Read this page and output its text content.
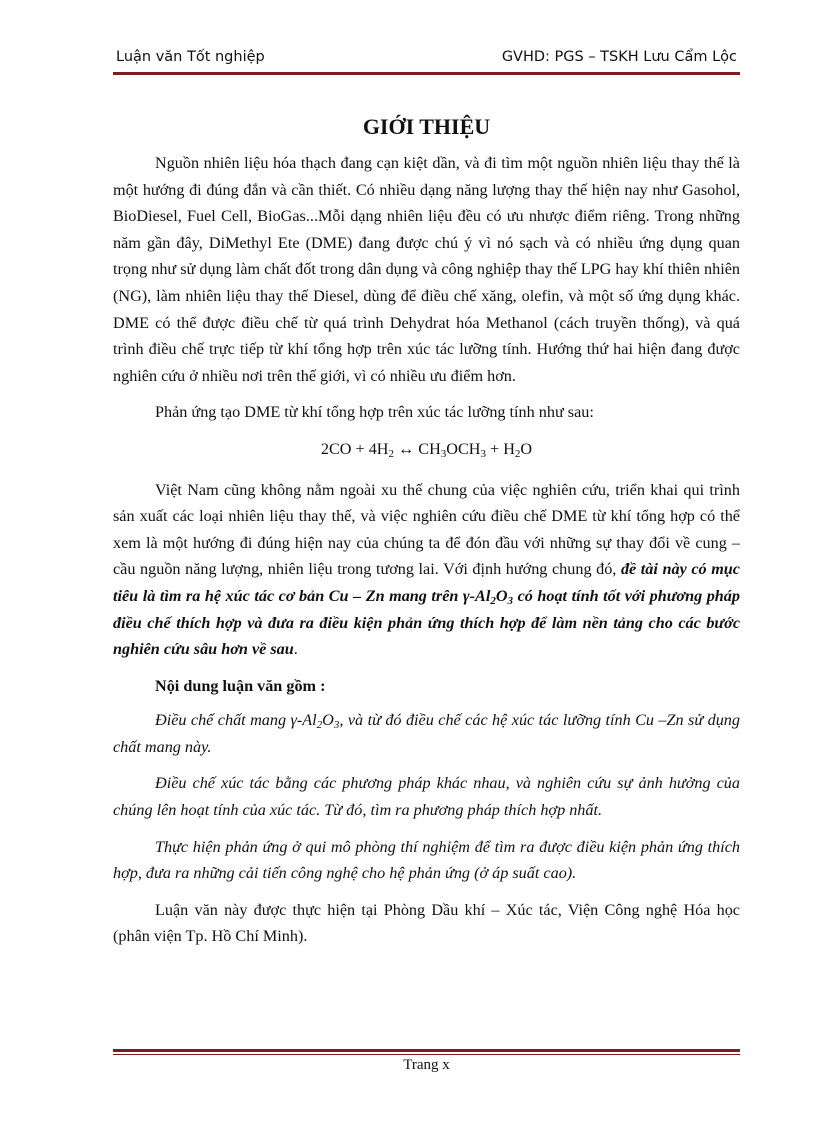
Luận văn Tốt nghiệp	GVHD: PGS – TSKH Lưu Cẩm Lộc
GIỚI THIỆU

Nguồn nhiên liệu hóa thạch đang cạn kiệt dần, và đi tìm một nguồn nhiên liệu thay thế là một hướng đi đúng đắn và cần thiết. Có nhiều dạng năng lượng thay thế hiện nay như Gasohol, BioDiesel, Fuel Cell, BioGas...Mỗi dạng nhiên liệu đều có ưu nhược điểm riêng. Trong những năm gần đây, DiMethyl Ete (DME) đang được chú ý vì nó sạch và có nhiều ứng dụng quan trọng như sử dụng làm chất đốt trong dân dụng và công nghiệp thay thế LPG hay khí thiên nhiên (NG), làm nhiên liệu thay thế Diesel, dùng để điều chế xăng, olefin, và một số ứng dụng khác. DME có thể được điều chế từ quá trình Dehydrat hóa Methanol (cách truyền thống), và quá trình điều chế trực tiếp từ khí tổng hợp trên xúc tác lưỡng tính. Hướng thứ hai hiện đang được nghiên cứu ở nhiều nơi trên thế giới, vì có nhiều ưu điểm hơn.

Phản ứng tạo DME từ khí tổng hợp trên xúc tác lưỡng tính như sau:

$2CO + 4H_2$ ↔ $CH_3OCH_3 + H_2O$

Việt Nam cũng không nằm ngoài xu thế chung của việc nghiên cứu, triển khai qui trình sản xuất các loại nhiên liệu thay thế, và việc nghiên cứu điều chế DME từ khí tổng hợp có thể xem là một hướng đi đúng hiện nay của chúng ta để đón đầu với những sự thay đổi về cung – cầu nguồn năng lượng, nhiên liệu trong tương lai. Với định hướng chung đó, đề tài này có mục tiêu là tìm ra hệ xúc tác cơ bản Cu – Zn mang trên $\gamma-Al_2O_3$ có hoạt tính tốt với phương pháp điều chế thích hợp và đưa ra điều kiện phản ứng thích hợp để làm nền tảng cho các bước nghiên cứu sâu hơn về sau.

Nội dung luận văn gồm :

Điều chế chất mang $\gamma-Al_2O_3$, và từ đó điều chế các hệ xúc tác lưỡng tính Cu –Zn sử dụng chất mang này.

Điều chế xúc tác bằng các phương pháp khác nhau, và nghiên cứu sự ảnh hưởng của chúng lên hoạt tính của xúc tác. Từ đó, tìm ra phương pháp thích hợp nhất.

Thực hiện phản ứng ở qui mô phòng thí nghiệm để tìm ra được điều kiện phản ứng thích hợp, đưa ra những cải tiến công nghệ cho hệ phản ứng (ở áp suất cao).

Luận văn này được thực hiện tại Phòng Dầu khí – Xúc tác, Viện Công nghệ Hóa học (phân viện Tp. Hồ Chí Minh).

Trang x
